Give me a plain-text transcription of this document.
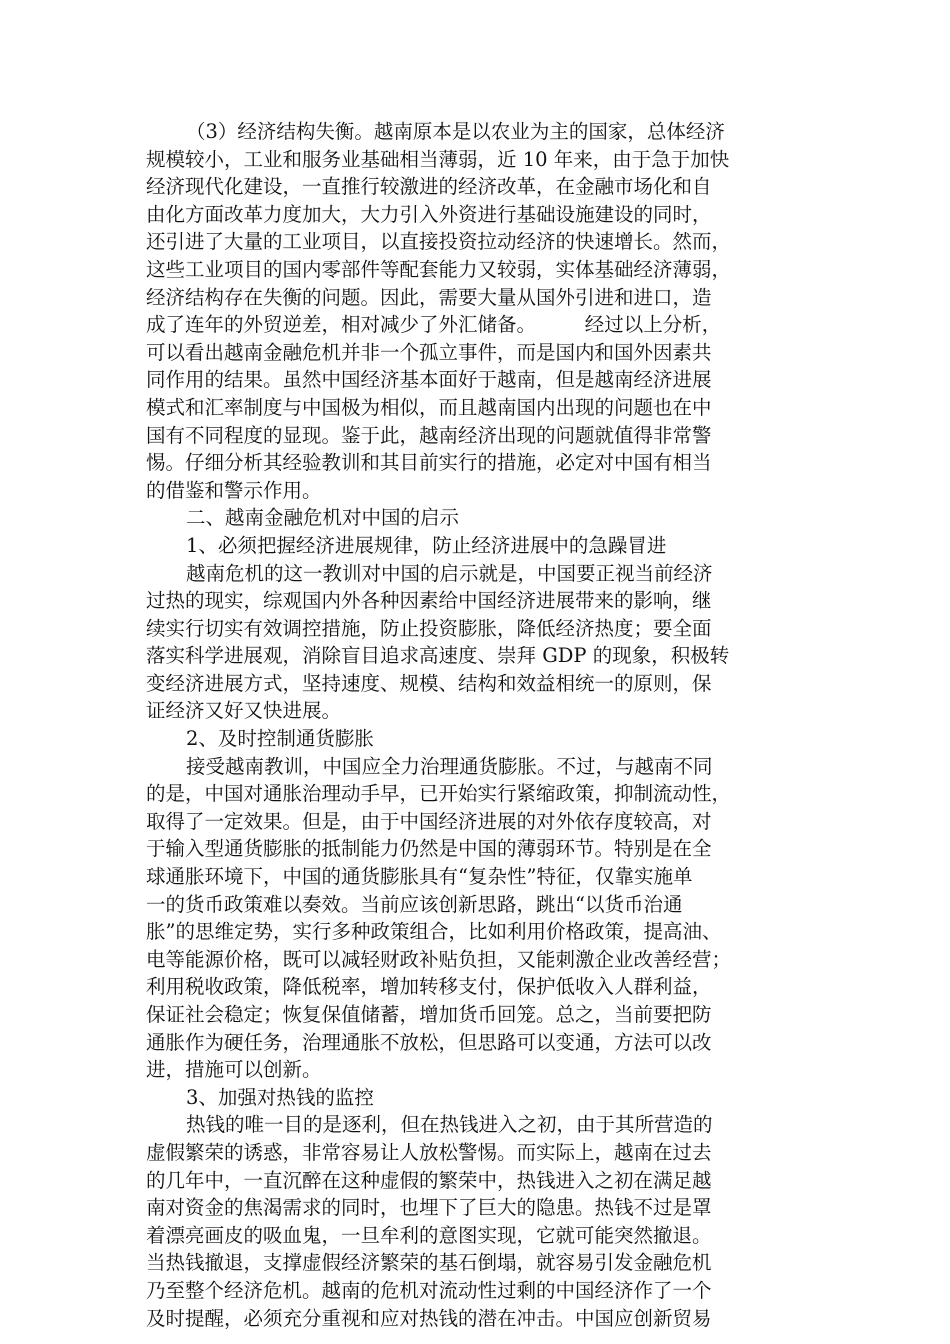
（3）经济结构失衡。越南原本是以农业为主的国家，总体经济
规模较小，工业和服务业基础相当薄弱，近 10 年来，由于急于加快
经济现代化建设，一直推行较激进的经济改革，在金融市场化和自
由化方面改革力度加大，大力引入外资进行基础设施建设的同时，
还引进了大量的工业项目，以直接投资拉动经济的快速增长。然而，
这些工业项目的国内零部件等配套能力又较弱，实体基础经济薄弱，
经济结构存在失衡的问题。因此，需要大量从国外引进和进口，造
成了连年的外贸逆差，相对减少了外汇储备。　　　经过以上分析，
可以看出越南金融危机并非一个孤立事件，而是国内和国外因素共
同作用的结果。虽然中国经济基本面好于越南，但是越南经济进展
模式和汇率制度与中国极为相似，而且越南国内出现的问题也在中
国有不同程度的显现。鉴于此，越南经济出现的问题就值得非常警
惕。仔细分析其经验教训和其目前实行的措施，必定对中国有相当
的借鉴和警示作用。
二、越南金融危机对中国的启示
1、必须把握经济进展规律，防止经济进展中的急躁冒进
越南危机的这一教训对中国的启示就是，中国要正视当前经济
过热的现实，综观国内外各种因素给中国经济进展带来的影响，继
续实行切实有效调控措施，防止投资膨胀，降低经济热度；要全面
落实科学进展观，消除盲目追求高速度、崇拜 GDP 的现象，积极转
变经济进展方式，坚持速度、规模、结构和效益相统一的原则，保
证经济又好又快进展。
2、及时控制通货膨胀
接受越南教训，中国应全力治理通货膨胀。不过，与越南不同
的是，中国对通胀治理动手早，已开始实行紧缩政策，抑制流动性，
取得了一定效果。但是，由于中国经济进展的对外依存度较高，对
于输入型通货膨胀的抵制能力仍然是中国的薄弱环节。特别是在全
球通胀环境下，中国的通货膨胀具有“复杂性”特征，仅靠实施单
一的货币政策难以奏效。当前应该创新思路，跳出“以货币治通
胀”的思维定势，实行多种政策组合，比如利用价格政策，提高油、
电等能源价格，既可以减轻财政补贴负担，又能刺激企业改善经营；
利用税收政策，降低税率，增加转移支付，保护低收入人群利益，
保证社会稳定；恢复保值储蓄，增加货币回笼。总之，当前要把防
通胀作为硬任务，治理通胀不放松，但思路可以变通，方法可以改
进，措施可以创新。
3、加强对热钱的监控
热钱的唯一目的是逐利，但在热钱进入之初，由于其所营造的
虚假繁荣的诱惑，非常容易让人放松警惕。而实际上，越南在过去
的几年中，一直沉醉在这种虚假的繁荣中，热钱进入之初在满足越
南对资金的焦渴需求的同时，也埋下了巨大的隐患。热钱不过是罩
着漂亮画皮的吸血鬼，一旦牟利的意图实现，它就可能突然撤退。
当热钱撤退，支撑虚假经济繁荣的基石倒塌，就容易引发金融危机
乃至整个经济危机。越南的危机对流动性过剩的中国经济作了一个
及时提醒，必须充分重视和应对热钱的潜在冲击。中国应创新贸易
